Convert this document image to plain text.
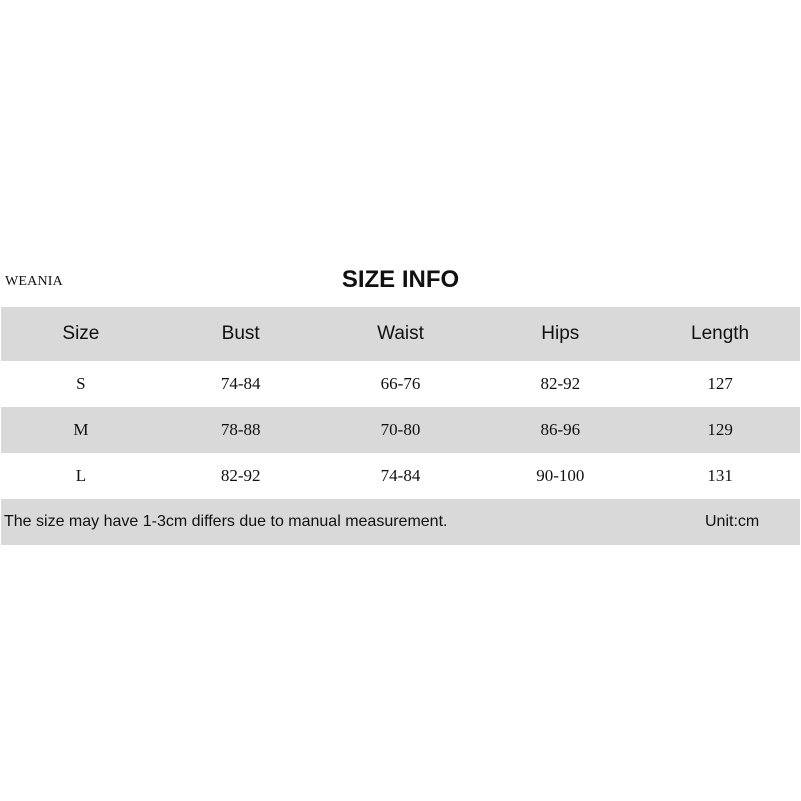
WEANIA	SIZE INFO
Size	Bust	Waist	Hips	Length
S	74-84	66-76	82-92	127
M	78-88	70-80	86-96	129
L	82-92	74-84	90-100	131
The size may have 1-3cm differs due to manual measurement.	Unit:cm
